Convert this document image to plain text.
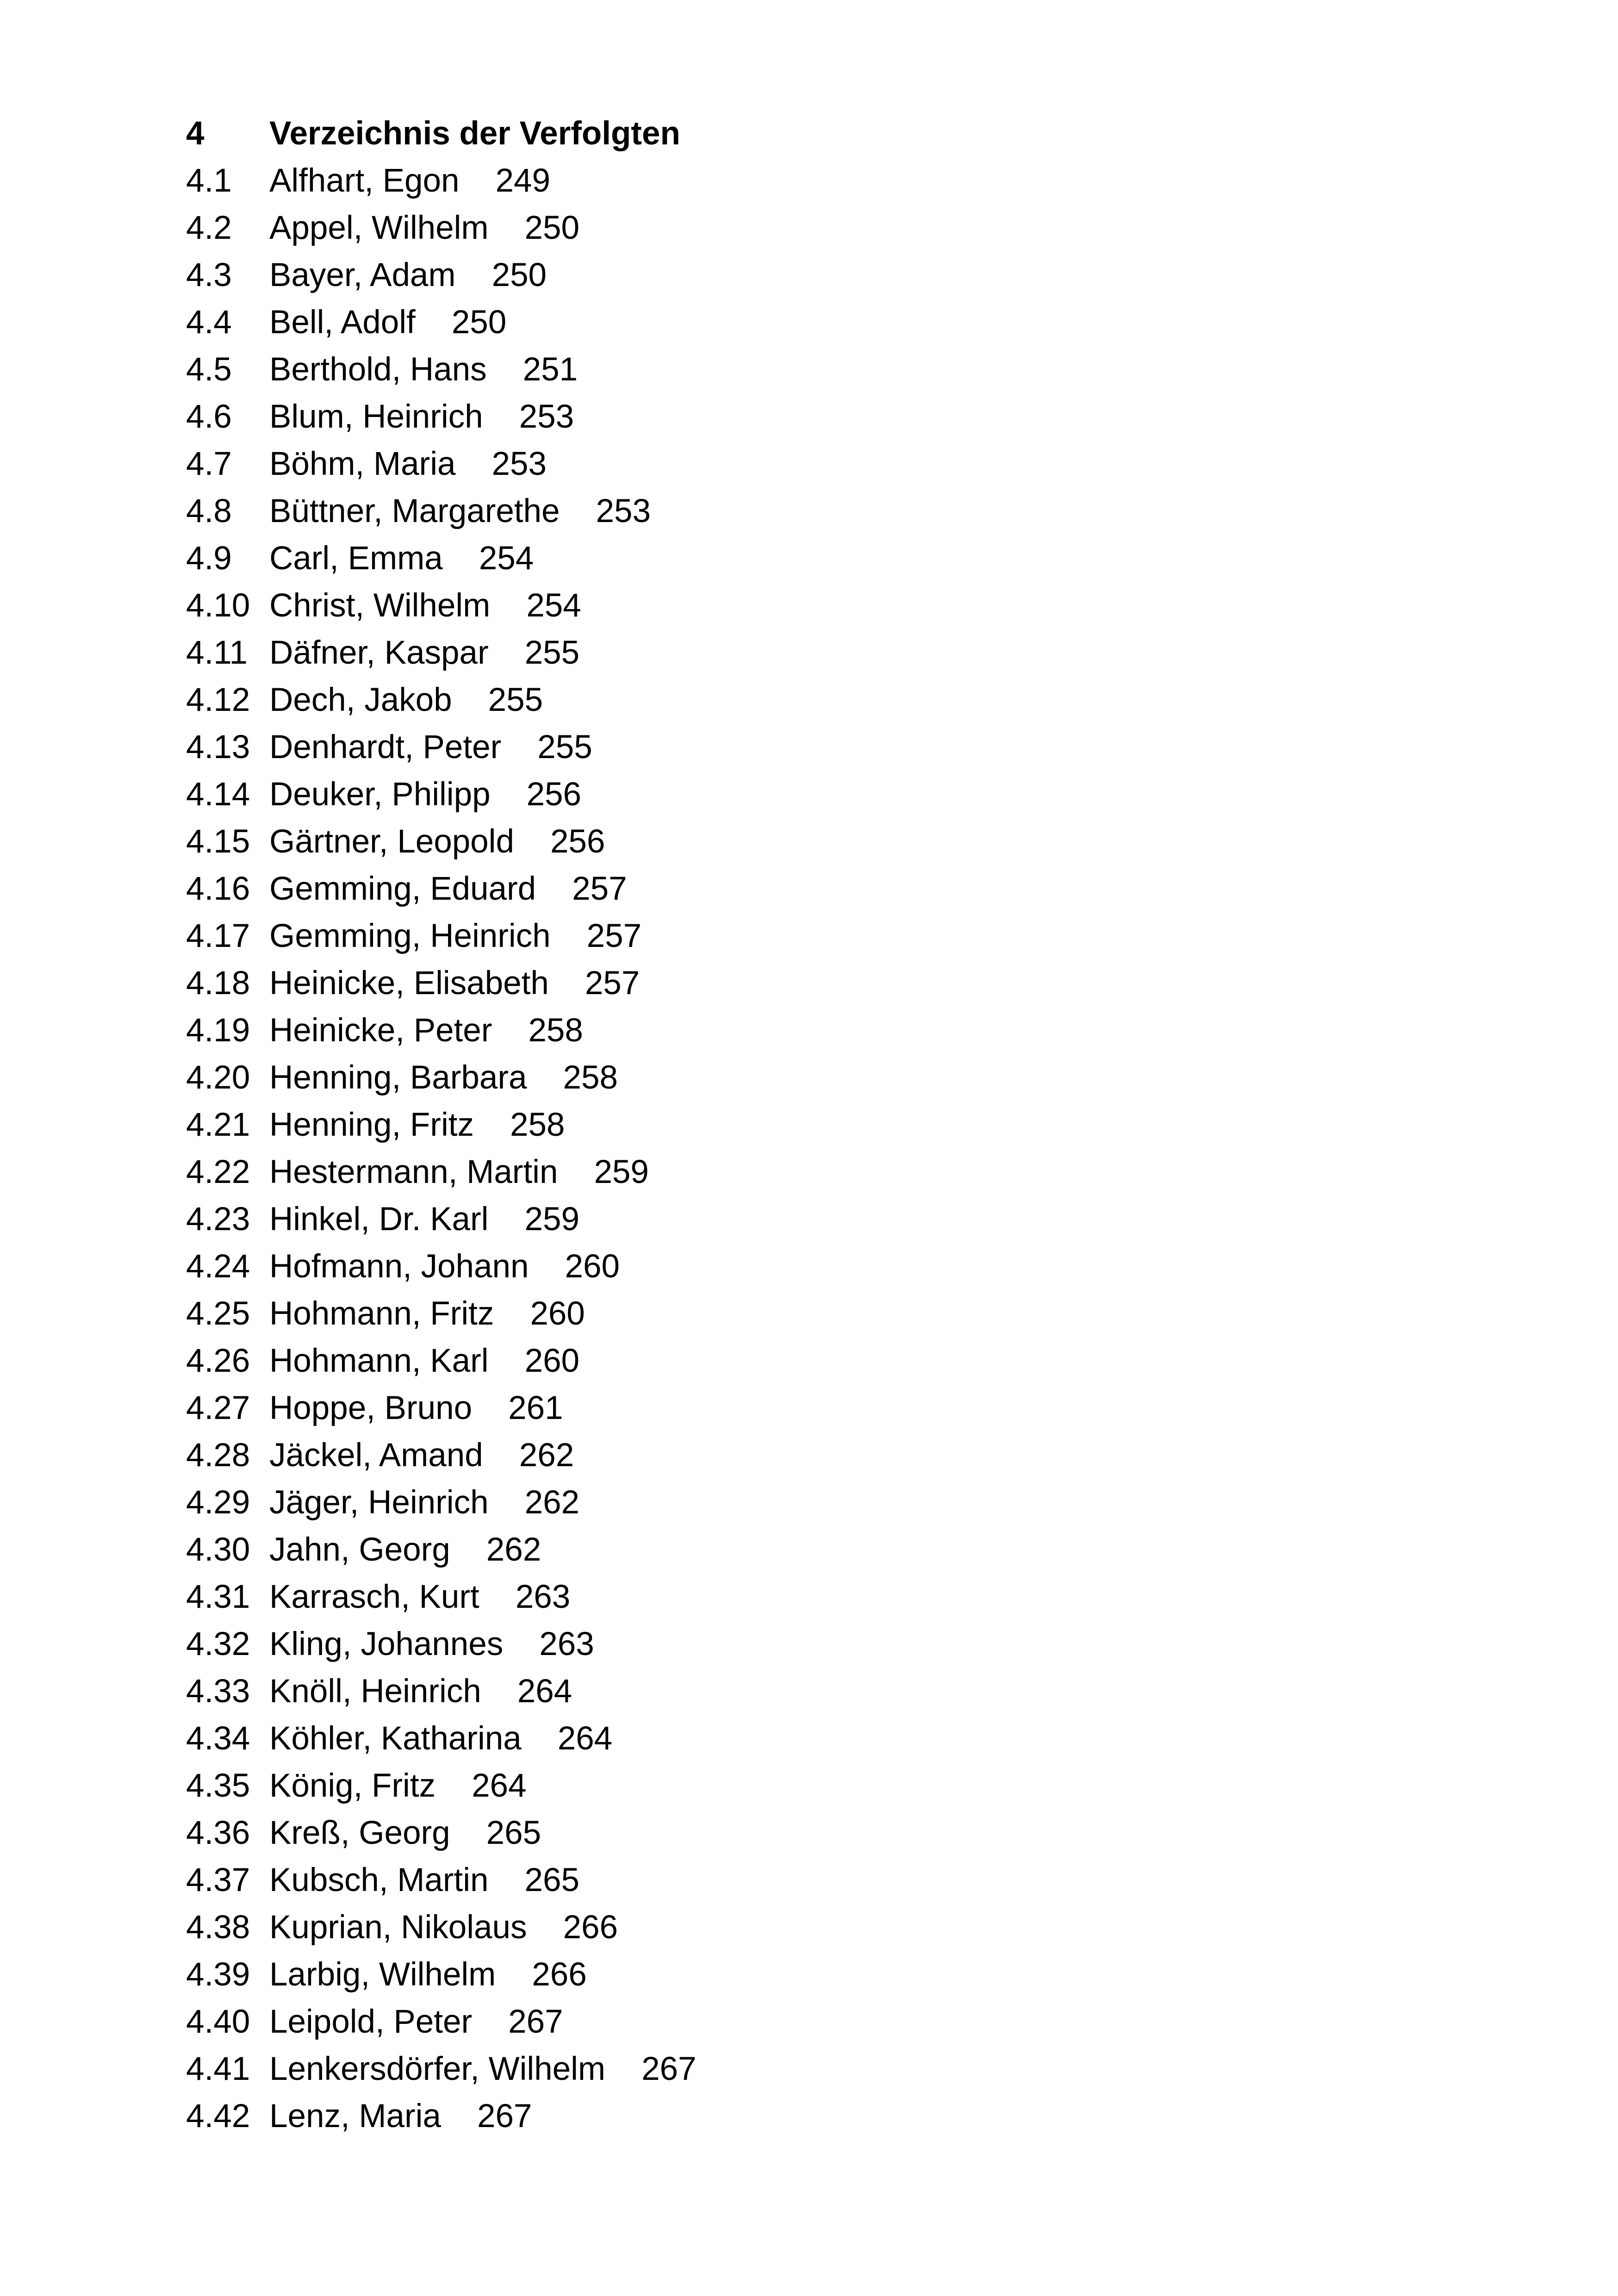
4 Verzeichnis der Verfolgten
4.1 Alfhart, Egon 249
4.2 Appel, Wilhelm 250
4.3 Bayer, Adam 250
4.4 Bell, Adolf 250
4.5 Berthold, Hans 251
4.6 Blum, Heinrich 253
4.7 Böhm, Maria 253
4.8 Büttner, Margarethe 253
4.9 Carl, Emma 254
4.10 Christ, Wilhelm 254
4.11 Däfner, Kaspar 255
4.12 Dech, Jakob 255
4.13 Denhardt, Peter 255
4.14 Deuker, Philipp 256
4.15 Gärtner, Leopold 256
4.16 Gemming, Eduard 257
4.17 Gemming, Heinrich 257
4.18 Heinicke, Elisabeth 257
4.19 Heinicke, Peter 258
4.20 Henning, Barbara 258
4.21 Henning, Fritz 258
4.22 Hestermann, Martin 259
4.23 Hinkel, Dr. Karl 259
4.24 Hofmann, Johann 260
4.25 Hohmann, Fritz 260
4.26 Hohmann, Karl 260
4.27 Hoppe, Bruno 261
4.28 Jäckel, Amand 262
4.29 Jäger, Heinrich 262
4.30 Jahn, Georg 262
4.31 Karrasch, Kurt 263
4.32 Kling, Johannes 263
4.33 Knöll, Heinrich 264
4.34 Köhler, Katharina 264
4.35 König, Fritz 264
4.36 Kreß, Georg 265
4.37 Kubsch, Martin 265
4.38 Kuprian, Nikolaus 266
4.39 Larbig, Wilhelm 266
4.40 Leipold, Peter 267
4.41 Lenkersdörfer, Wilhelm 267
4.42 Lenz, Maria 267
